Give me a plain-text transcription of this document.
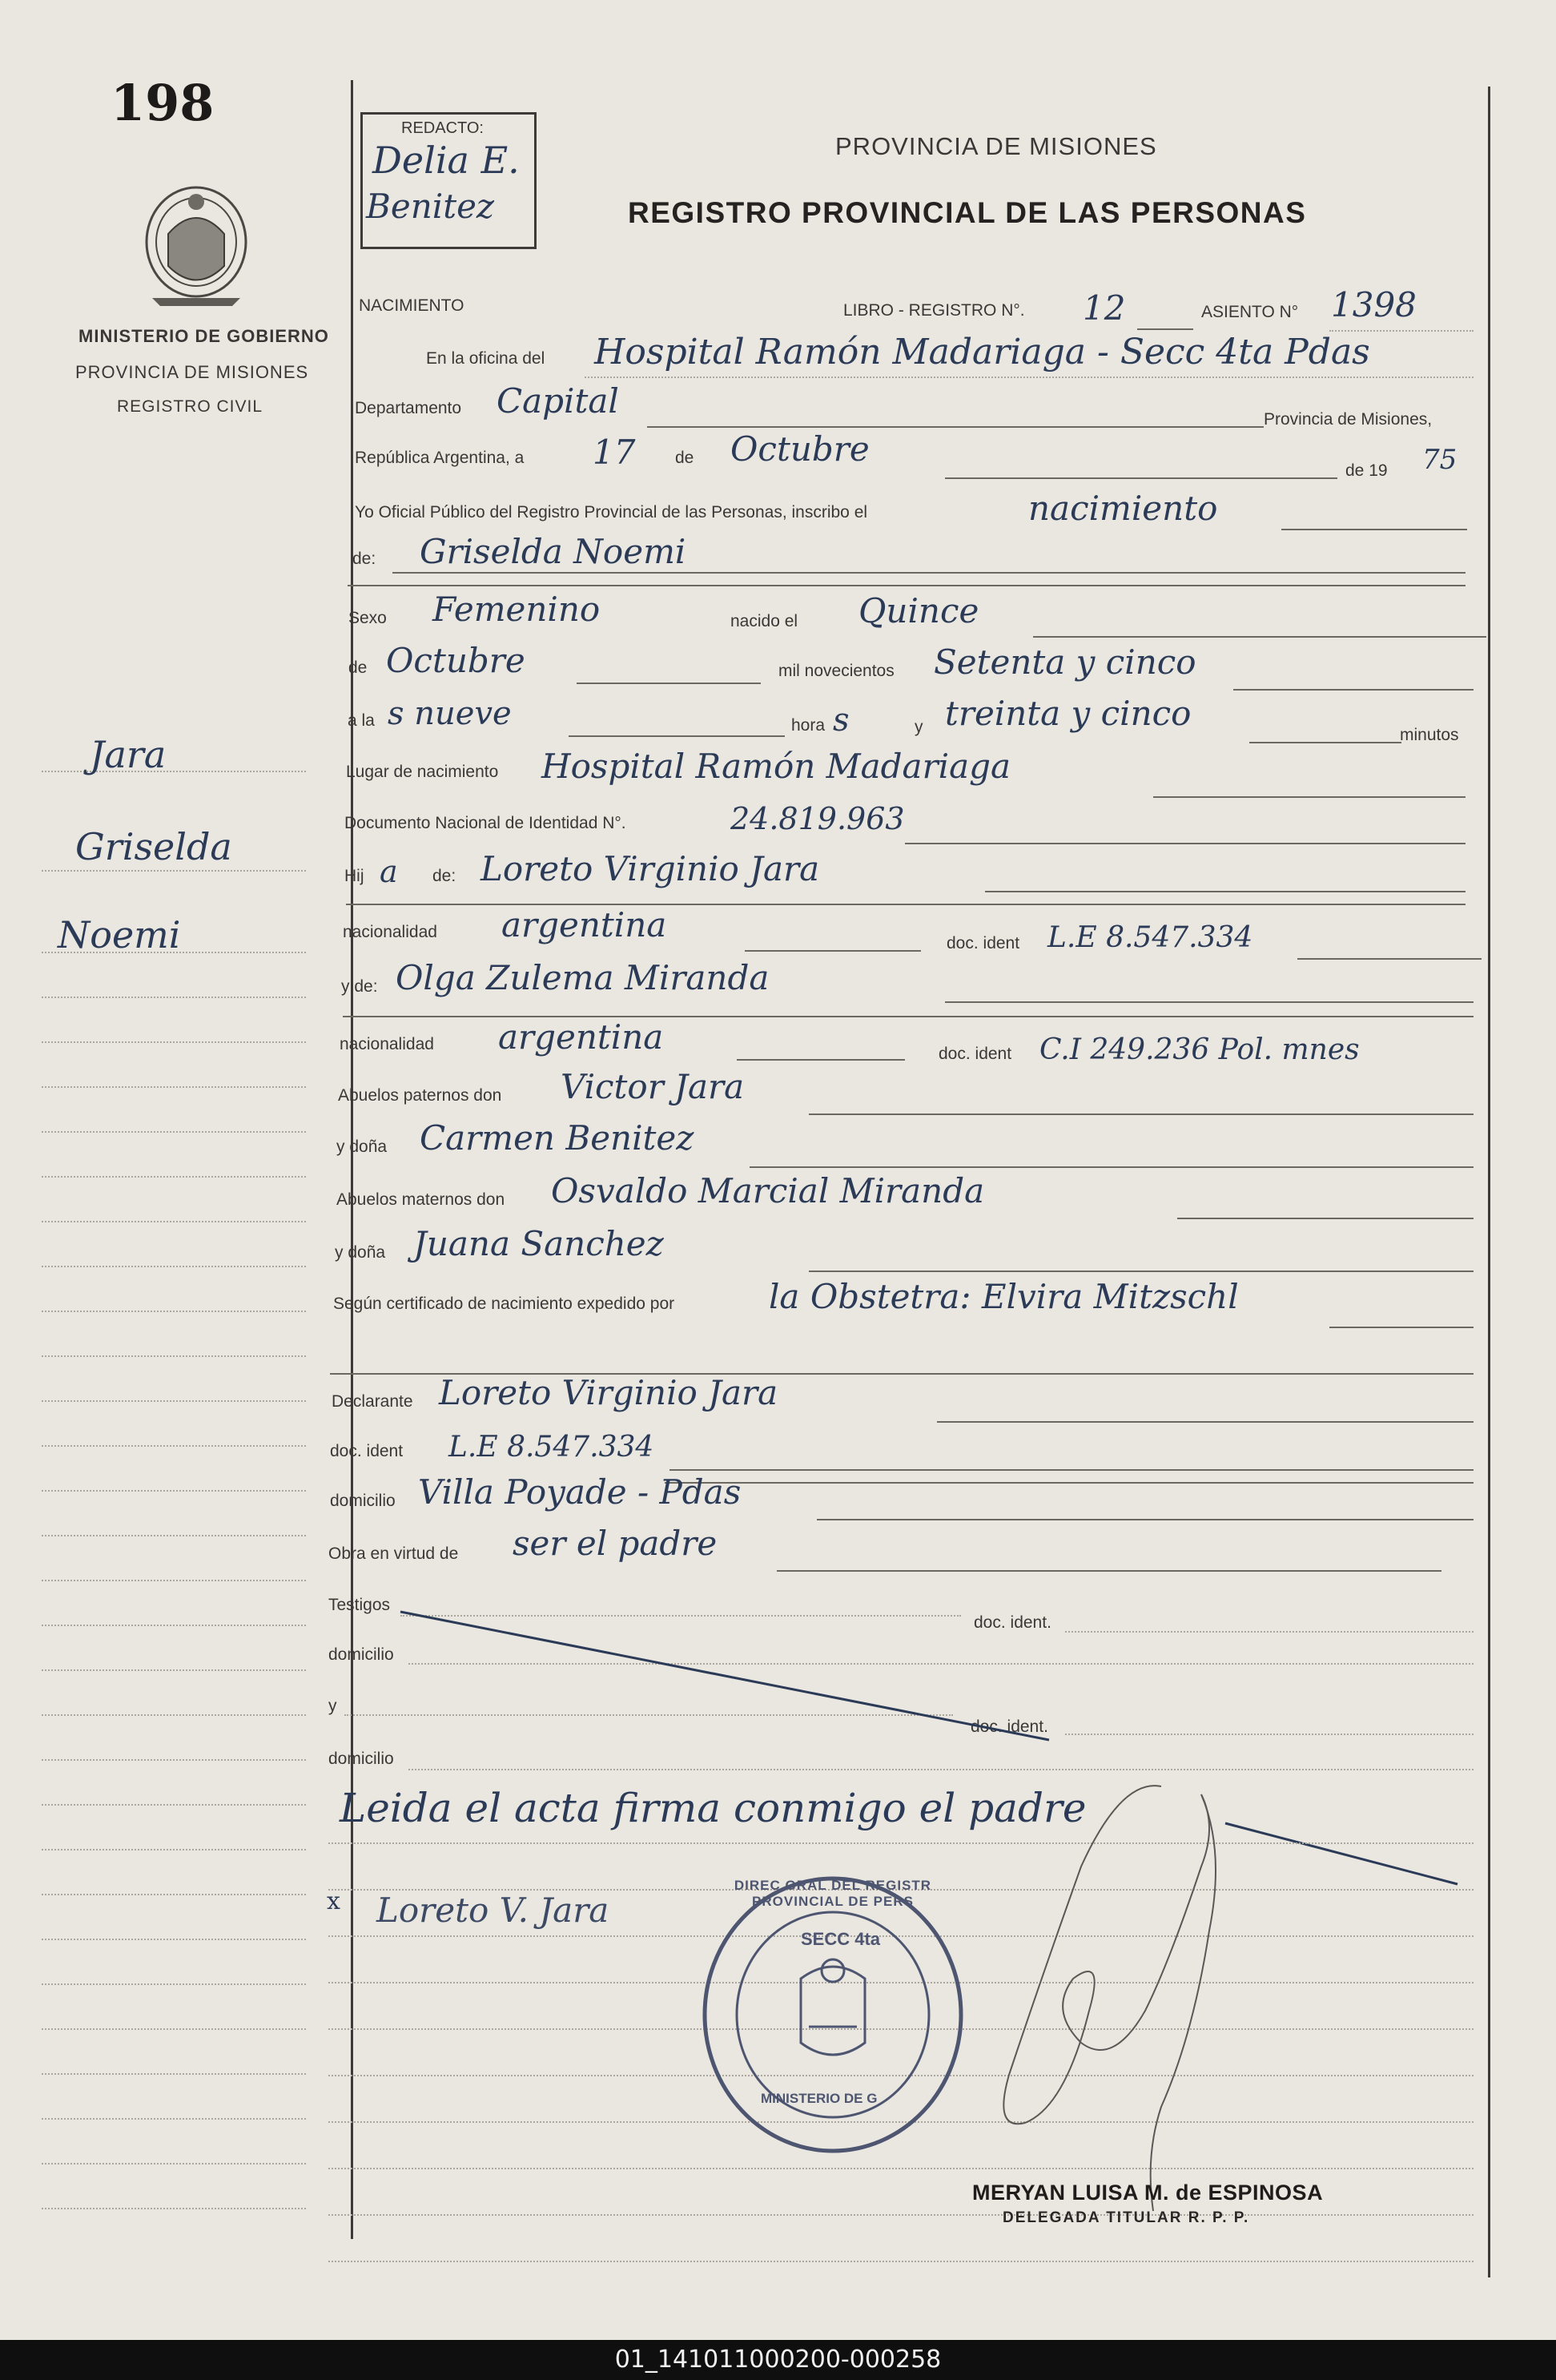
198
MINISTERIO DE GOBIERNO
PROVINCIA DE MISIONES
REGISTRO CIVIL
Jara
Griselda
Noemi
REDACTO:
Delia E.
Benitez
PROVINCIA DE MISIONES
REGISTRO PROVINCIAL DE LAS PERSONAS
NACIMIENTO	LIBRO - REGISTRO N°. 12	ASIENTO N° 1398
En la oficina del Hospital Ramón Madariaga - Secc 4ta Pdas
Departamento Capital	Provincia de Misiones,
República Argentina, a 17 de Octubre
de 19 75
Yo Oficial Público del Registro Provincial de las Personas, inscribo el	nacimiento
de: Griselda Noemi
Sexo Femenino	nacido el Quince
de Octubre	mil novecientos Setenta y cinco
a la s nueve	hora s	y treinta y cinco
minutos
Lugar de nacimiento Hospital Ramón Madariaga
Documento Nacional de Identidad N°.	24.819.963
Hij a de: Loreto Virginio Jara
nacionalidad argentina	doc. ident L.E 8.547.334
y de: Olga Zulema Miranda
nacionalidad argentina	doc. ident C.I 249.236 Pol. mnes
Abuelos paternos don Victor Jara
y doña Carmen Benitez
Abuelos maternos don Osvaldo Marcial Miranda
y doña Juana Sanchez
Según certificado de nacimiento expedido por	la Obstetra: Elvira Mitzschl
Declarante Loreto Virginio Jara
doc. ident L.E 8.547.334
domicilio Villa Poyade - Pdas
Obra en virtud de ser el padre
Testigos
doc. ident.
domicilio
y
doc. ident.
domicilio
Leida el acta firma conmigo el padre
x Loreto V. Jara
DIREC GRAL DEL REGISTR PROVINCIAL DE PERS
SECC 4ta
MINISTERIO DE G
MERYAN LUISA M. de ESPINOSA
DELEGADA TITULAR R. P. P.
01_141011000200-000258
